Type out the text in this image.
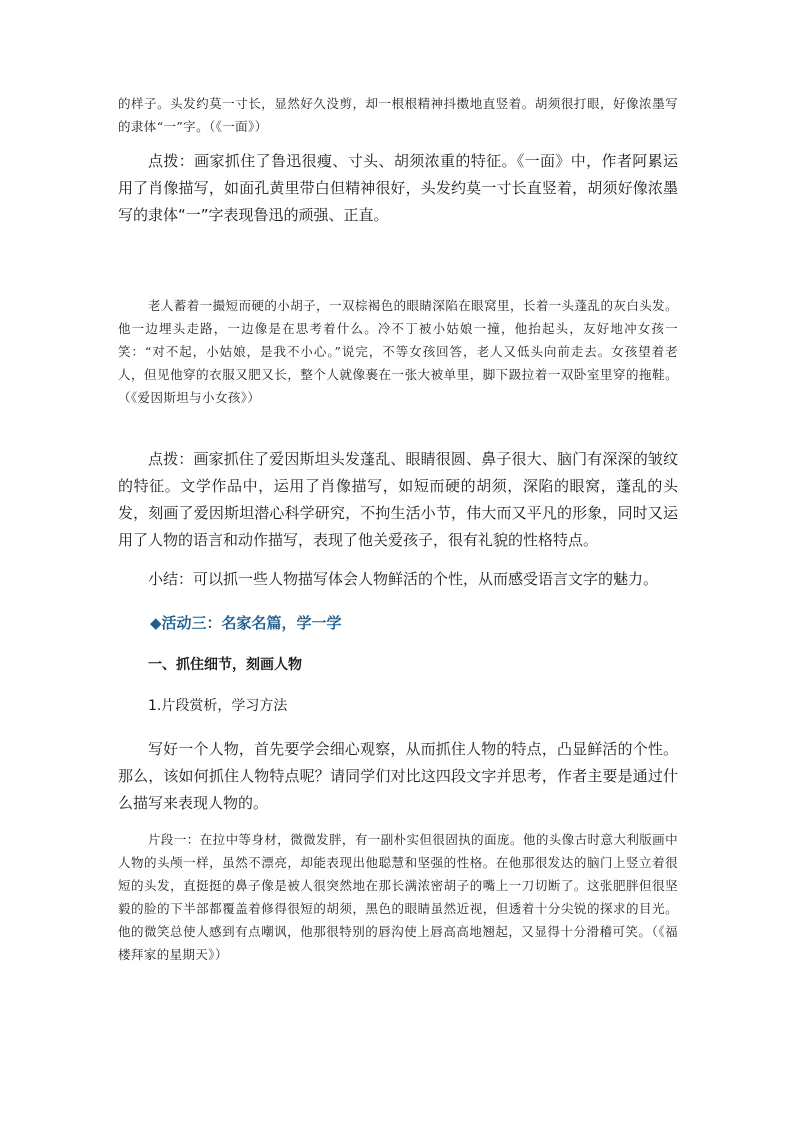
的样子。头发约莫一寸长，显然好久没剪，却一根根精神抖擞地直竖着。胡须很打眼，好像浓墨写的隶体“一”字。（《一面》）

点拨：画家抓住了鲁迅很瘦、寸头、胡须浓重的特征。《一面》中，作者阿累运用了肖像描写，如面孔黄里带白但精神很好，头发约莫一寸长直竖着，胡须好像浓墨写的隶体“一”字表现鲁迅的顽强、正直。

老人蓄着一撮短而硬的小胡子，一双棕褐色的眼睛深陷在眼窝里，长着一头蓬乱的灰白头发。他一边埋头走路，一边像是在思考着什么。冷不丁被小姑娘一撞，他抬起头，友好地冲女孩一笑：“对不起，小姑娘，是我不小心。”说完，不等女孩回答，老人又低头向前走去。女孩望着老人，但见他穿的衣服又肥又长，整个人就像裹在一张大被单里，脚下趿拉着一双卧室里穿的拖鞋。（《爱因斯坦与小女孩》）

点拨：画家抓住了爱因斯坦头发蓬乱、眼睛很圆、鼻子很大、脑门有深深的皱纹的特征。文学作品中，运用了肖像描写，如短而硬的胡须，深陷的眼窝，蓬乱的头发，刻画了爱因斯坦潜心科学研究，不拘生活小节，伟大而又平凡的形象，同时又运用了人物的语言和动作描写，表现了他关爱孩子，很有礼貌的性格特点。

小结：可以抓一些人物描写体会人物鲜活的个性，从而感受语言文字的魅力。

◆活动三：名家名篇，学一学

一、抓住细节，刻画人物

1.片段赏析，学习方法

写好一个人物，首先要学会细心观察，从而抓住人物的特点，凸显鲜活的个性。那么，该如何抓住人物特点呢？请同学们对比这四段文字并思考，作者主要是通过什么描写来表现人物的。

片段一：在拉中等身材，微微发胖，有一副朴实但很固执的面庞。他的头像古时意大利版画中人物的头颅一样，虽然不漂亮，却能表现出他聪慧和坚强的性格。在他那很发达的脑门上竖立着很短的头发，直挺挺的鼻子像是被人很突然地在那长满浓密胡子的嘴上一刀切断了。这张肥胖但很坚毅的脸的下半部都覆盖着修得很短的胡须，黑色的眼睛虽然近视，但透着十分尖锐的探求的目光。他的微笑总使人感到有点嘲讽，他那很特别的唇沟使上唇高高地翘起，又显得十分滑稽可笑。（《福楼拜家的星期天》）
